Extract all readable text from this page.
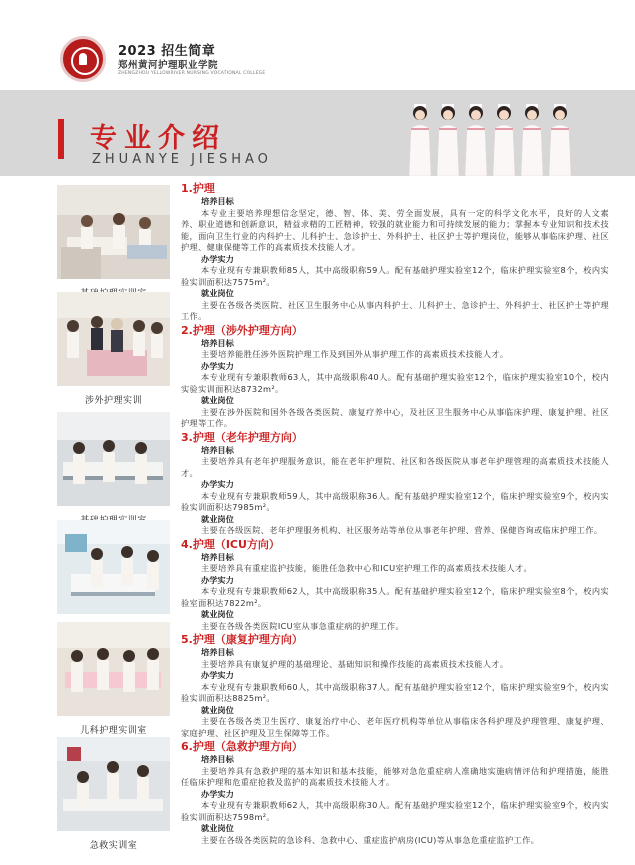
2023 招生简章
郑州黄河护理职业学院
ZHENGZHOU YELLOWRIVER NURSING VOCATIONAL COLLEGE
专业介绍
ZHUANYE JIESHAO
涉外护理实训
儿科护理实训室
急救实训室
1.护理
培养目标
本专业主要培养理想信念坚定，德、智、体、美、劳全面发展，具有一定的科学文化水平，良好的人文素养、职业道德和创新意识，精益求精的工匠精神，较强的就业能力和可持续发展的能力；掌握本专业知识和技术技能，面向卫生行业的内科护士、儿科护士、急诊护士、外科护士、社区护士等护理岗位，能够从事临床护理、社区护理、健康保健等工作的高素质技术技能人才。
办学实力
本专业现有专兼职教师85人，其中高级职称59人。配有基础护理实验室12个，临床护理实验室8个，校内实验实训面积达7575m²。
就业岗位
主要在各级各类医院、社区卫生服务中心从事内科护士、儿科护士、急诊护士、外科护士、社区护士等护理工作。
2.护理（涉外护理方向）
培养目标
主要培养能胜任涉外医院护理工作及到国外从事护理工作的高素质技术技能人才。
办学实力
本专业现有专兼职教师63人，其中高级职称40人。配有基础护理实验室12个，临床护理实验室10个，校内实验实训面积达8732m²。
就业岗位
主要在涉外医院和国外各级各类医院、康复疗养中心，及社区卫生服务中心从事临床护理、康复护理、社区护理等工作。
3.护理（老年护理方向）
培养目标
主要培养具有老年护理服务意识，能在老年护理院、社区和各级医院从事老年护理管理的高素质技术技能人才。
办学实力
本专业现有专兼职教师59人，其中高级职称36人。配有基础护理实验室12个，临床护理实验室9个，校内实验实训面积达7985m²。
就业岗位
主要在各级医院、老年护理服务机构、社区服务站等单位从事老年护理、营养、保健咨询或临床护理工作。
4.护理（ICU方向）
培养目标
主要培养具有重症监护技能，能胜任急救中心和ICU室护理工作的高素质技术技能人才。
办学实力
本专业现有专兼职教师62人，其中高级职称35人。配有基础护理实验室12个，临床护理实验室8个，校内实验室面积达7822m²。
就业岗位
主要在各级各类医院ICU室从事急重症病的护理工作。
5.护理（康复护理方向）
培养目标
主要培养具有康复护理的基础理论、基础知识和操作技能的高素质技术技能人才。
办学实力
本专业现有专兼职教师60人，其中高级职称37人。配有基础护理实验室12个，临床护理实验室9个，校内实验实训面积达8825m²。
就业岗位
主要在各级各类卫生医疗、康复治疗中心、老年医疗机构等单位从事临床各科护理及护理管理、康复护理、家庭护理、社区护理及卫生保障等工作。
6.护理（急救护理方向）
培养目标
主要培养具有急救护理的基本知识和基本技能，能够对急危重症病人准确地实施病情评估和护理措施，能胜任临床护理和危重症抢救及监护的高素质技术技能人才。
办学实力
本专业现有专兼职教师62人，其中高级职称30人。配有基础护理实验室12个，临床护理实验室9个，校内实验实训面积达7598m²。
就业岗位
主要在各级各类医院的急诊科、急救中心、重症监护病房(ICU)等从事急危重症监护工作。
